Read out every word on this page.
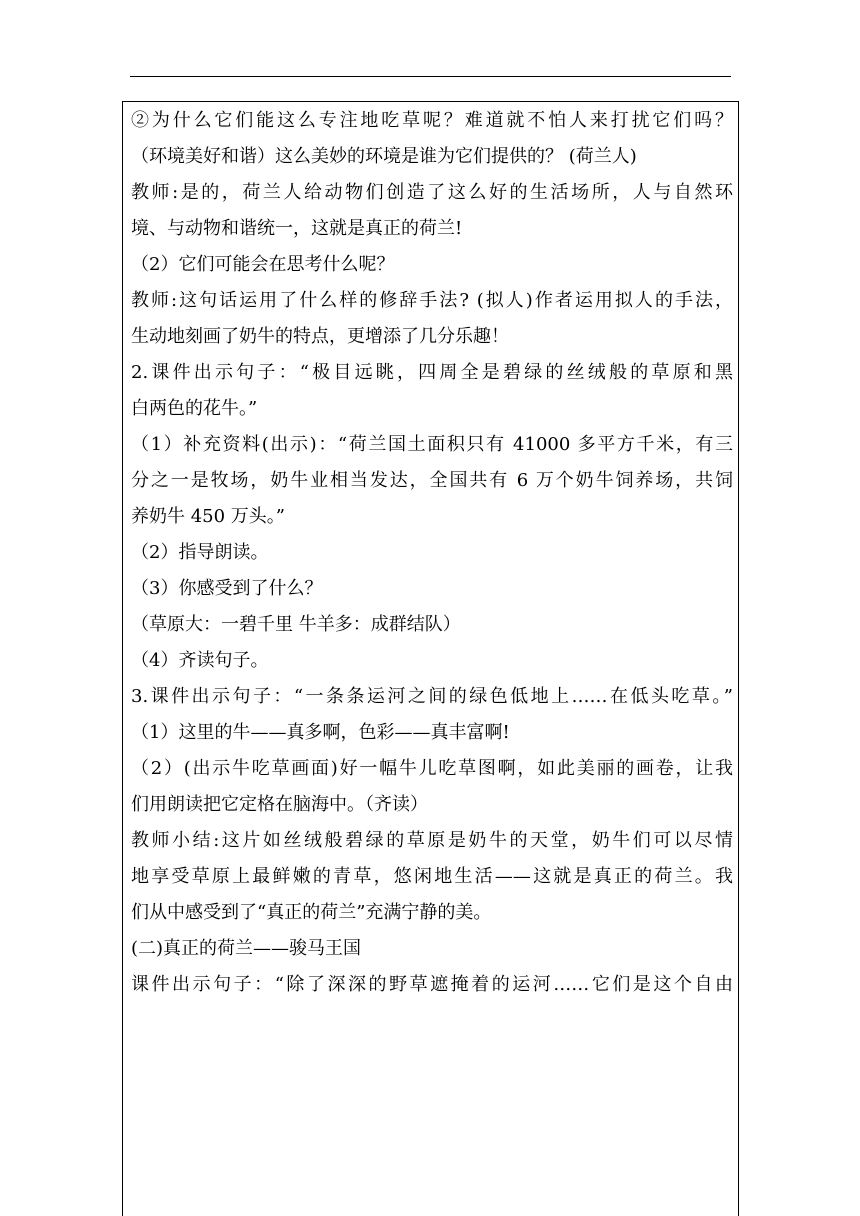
②为什么它们能这么专注地吃草呢？难道就不怕人来打扰它们吗？
（环境美好和谐）这么美妙的环境是谁为它们提供的？ (荷兰人)
教师:是的，荷兰人给动物们创造了这么好的生活场所，人与自然环
境、与动物和谐统一，这就是真正的荷兰!
（2）它们可能会在思考什么呢？
教师:这句话运用了什么样的修辞手法? (拟人)作者运用拟人的手法，
生动地刻画了奶牛的特点，更增添了几分乐趣！
2.课件出示句子：“极目远眺，四周全是碧绿的丝绒般的草原和黑
白两色的花牛。”
（1）补充资料(出示)：“荷兰国土面积只有 41000 多平方千米，有三
分之一是牧场，奶牛业相当发达，全国共有 6 万个奶牛饲养场，共饲
养奶牛 450 万头。”
（2）指导朗读。
（3）你感受到了什么？
（草原大：一碧千里 牛羊多：成群结队）
（4）齐读句子。
3.课件出示句子：“一条条运河之间的绿色低地上……在低头吃草。”
（1）这里的牛——真多啊，色彩——真丰富啊!
（2）(出示牛吃草画面)好一幅牛儿吃草图啊，如此美丽的画卷，让我
们用朗读把它定格在脑海中。（齐读）
教师小结:这片如丝绒般碧绿的草原是奶牛的天堂，奶牛们可以尽情
地享受草原上最鲜嫩的青草，悠闲地生活——这就是真正的荷兰。我
们从中感受到了“真正的荷兰”充满宁静的美。
(二)真正的荷兰——骏马王国
课件出示句子：“除了深深的野草遮掩着的运河……它们是这个自由
